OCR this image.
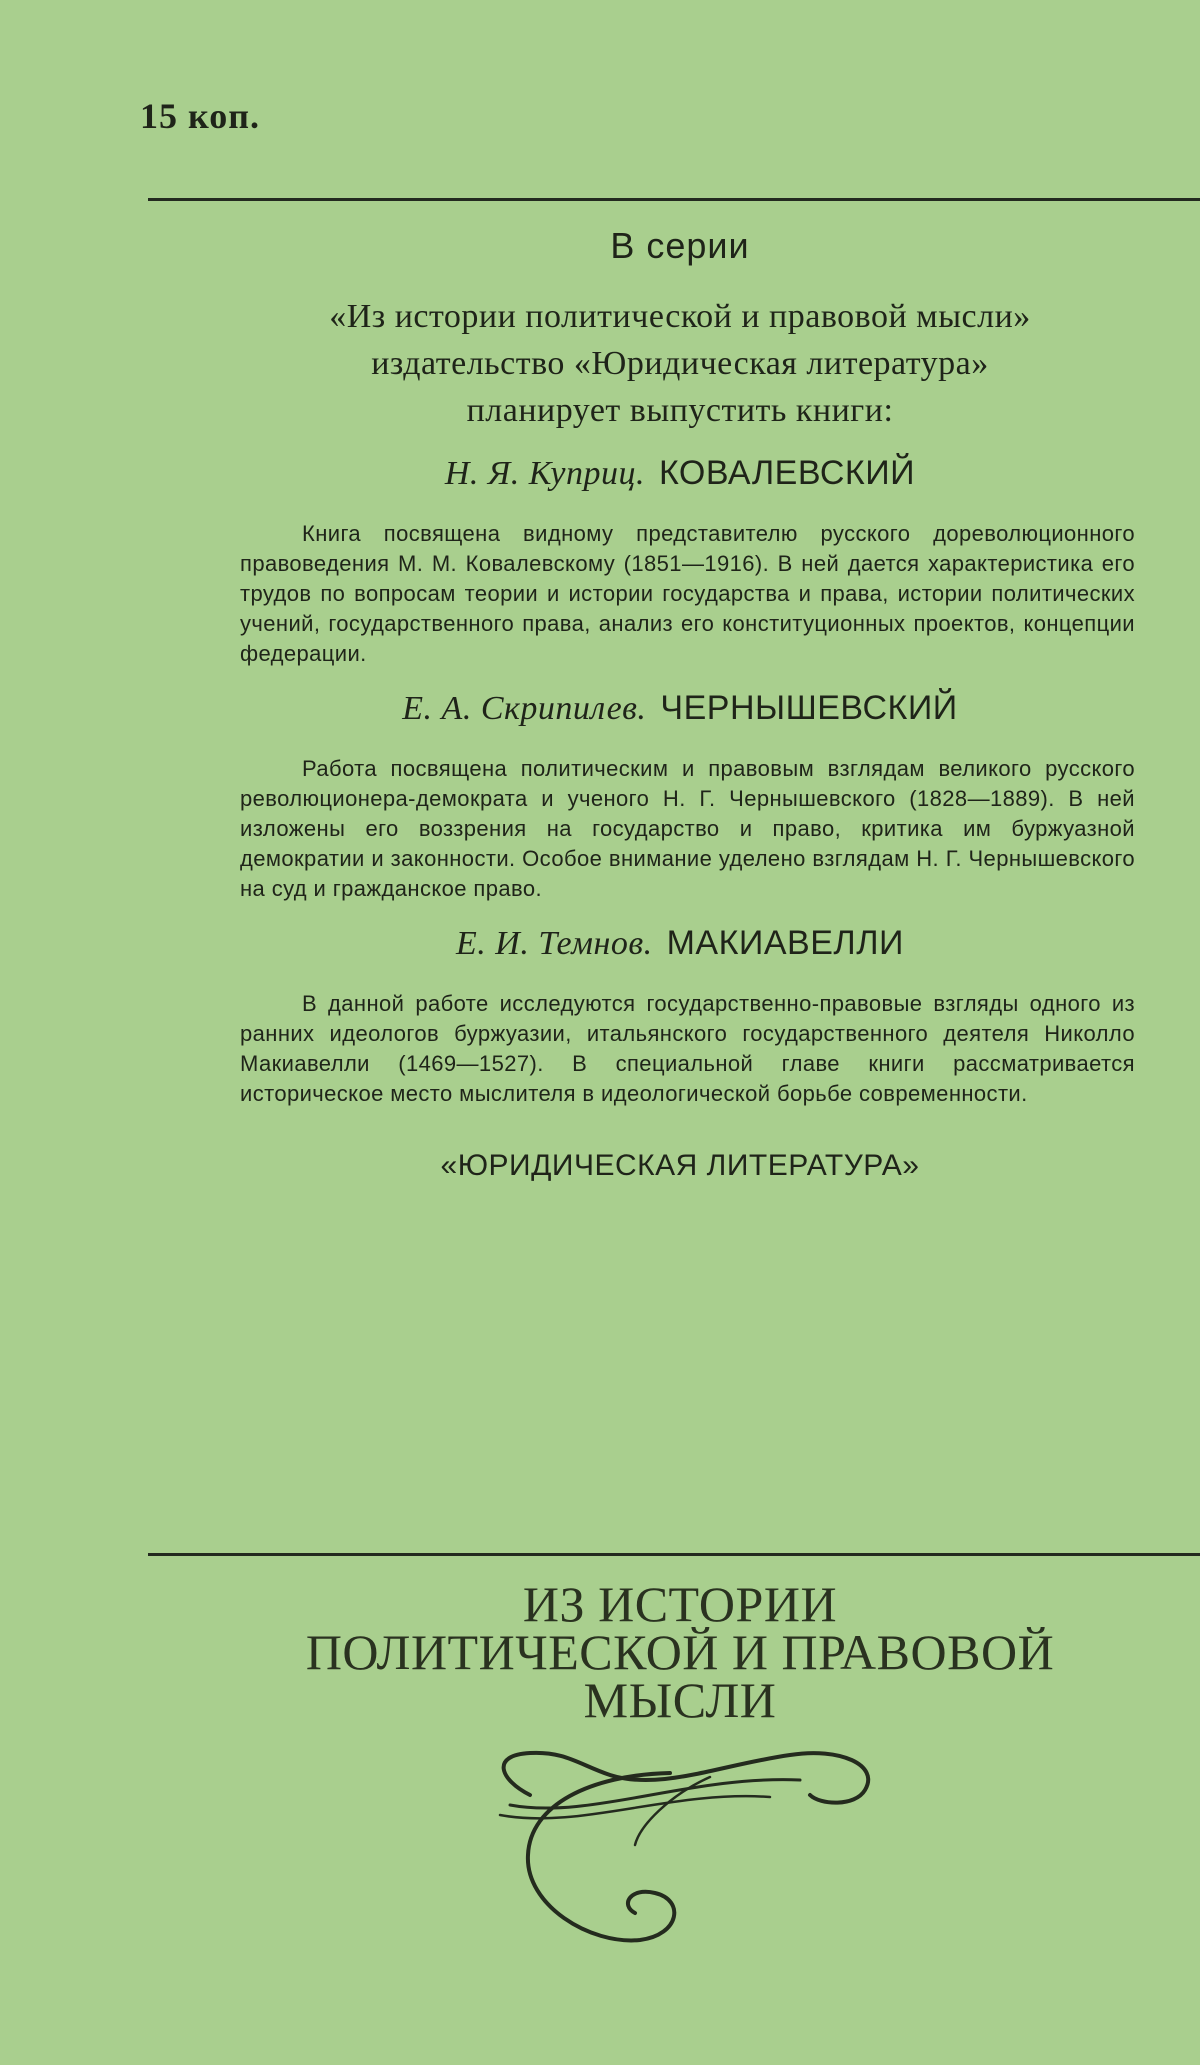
15 коп.
В серии
«Из истории политической и правовой мысли»
издательство «Юридическая литература»
планирует выпустить книги:
Н. Я. Куприц. КОВАЛЕВСКИЙ

Книга посвящена видному представителю русского дореволюционного правоведения М. М. Ковалевскому (1851—1916). В ней дается характеристика его трудов по вопросам теории и истории государства и права, истории политических учений, государственного права, анализ его конституционных проектов, концепции федерации.

Е. А. Скрипилев. ЧЕРНЫШЕВСКИЙ

Работа посвящена политическим и правовым взглядам великого русского революционера-демократа и ученого Н. Г. Чернышевского (1828—1889). В ней изложены его воззрения на государство и право, критика им буржуазной демократии и законности. Особое внимание уделено взглядам Н. Г. Чернышевского на суд и гражданское право.

Е. И. Темнов. МАКИАВЕЛЛИ

В данной работе исследуются государственно-правовые взгляды одного из ранних идеологов буржуазии, итальянского государственного деятеля Николло Макиавелли (1469—1527). В специальной главе книги рассматривается историческое место мыслителя в идеологической борьбе современности.

«ЮРИДИЧЕСКАЯ ЛИТЕРАТУРА»
ИЗ ИСТОРИИ
ПОЛИТИЧЕСКОЙ И ПРАВОВОЙ
МЫСЛИ
